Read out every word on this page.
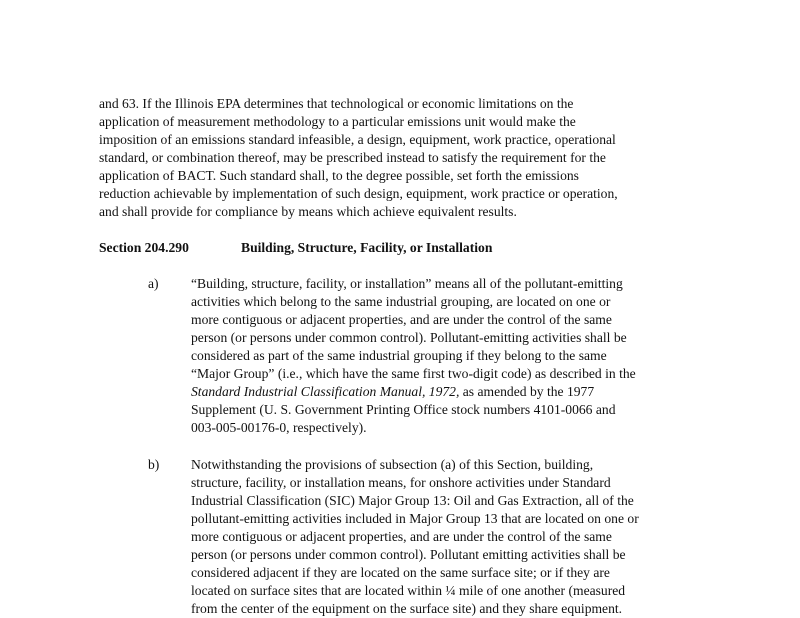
and 63. If the Illinois EPA determines that technological or economic limitations on the
application of measurement methodology to a particular emissions unit would make the
imposition of an emissions standard infeasible, a design, equipment, work practice, operational
standard, or combination thereof, may be prescribed instead to satisfy the requirement for the
application of BACT. Such standard shall, to the degree possible, set forth the emissions
reduction achievable by implementation of such design, equipment, work practice or operation,
and shall provide for compliance by means which achieve equivalent results.

Section 204.290	Building, Structure, Facility, or Installation
a) “Building, structure, facility, or installation” means all of the pollutant-emitting
activities which belong to the same industrial grouping, are located on one or
more contiguous or adjacent properties, and are under the control of the same
person (or persons under common control). Pollutant-emitting activities shall be
considered as part of the same industrial grouping if they belong to the same
“Major Group” (i.e., which have the same first two-digit code) as described in the
Standard Industrial Classification Manual, 1972, as amended by the 1977
Supplement (U. S. Government Printing Office stock numbers 4101-0066 and
003-005-00176-0, respectively).
b) Notwithstanding the provisions of subsection (a) of this Section, building,
structure, facility, or installation means, for onshore activities under Standard
Industrial Classification (SIC) Major Group 13: Oil and Gas Extraction, all of the
pollutant-emitting activities included in Major Group 13 that are located on one or
more contiguous or adjacent properties, and are under the control of the same
person (or persons under common control). Pollutant emitting activities shall be
considered adjacent if they are located on the same surface site; or if they are
located on surface sites that are located within ¼ mile of one another (measured
from the center of the equipment on the surface site) and they share equipment.
